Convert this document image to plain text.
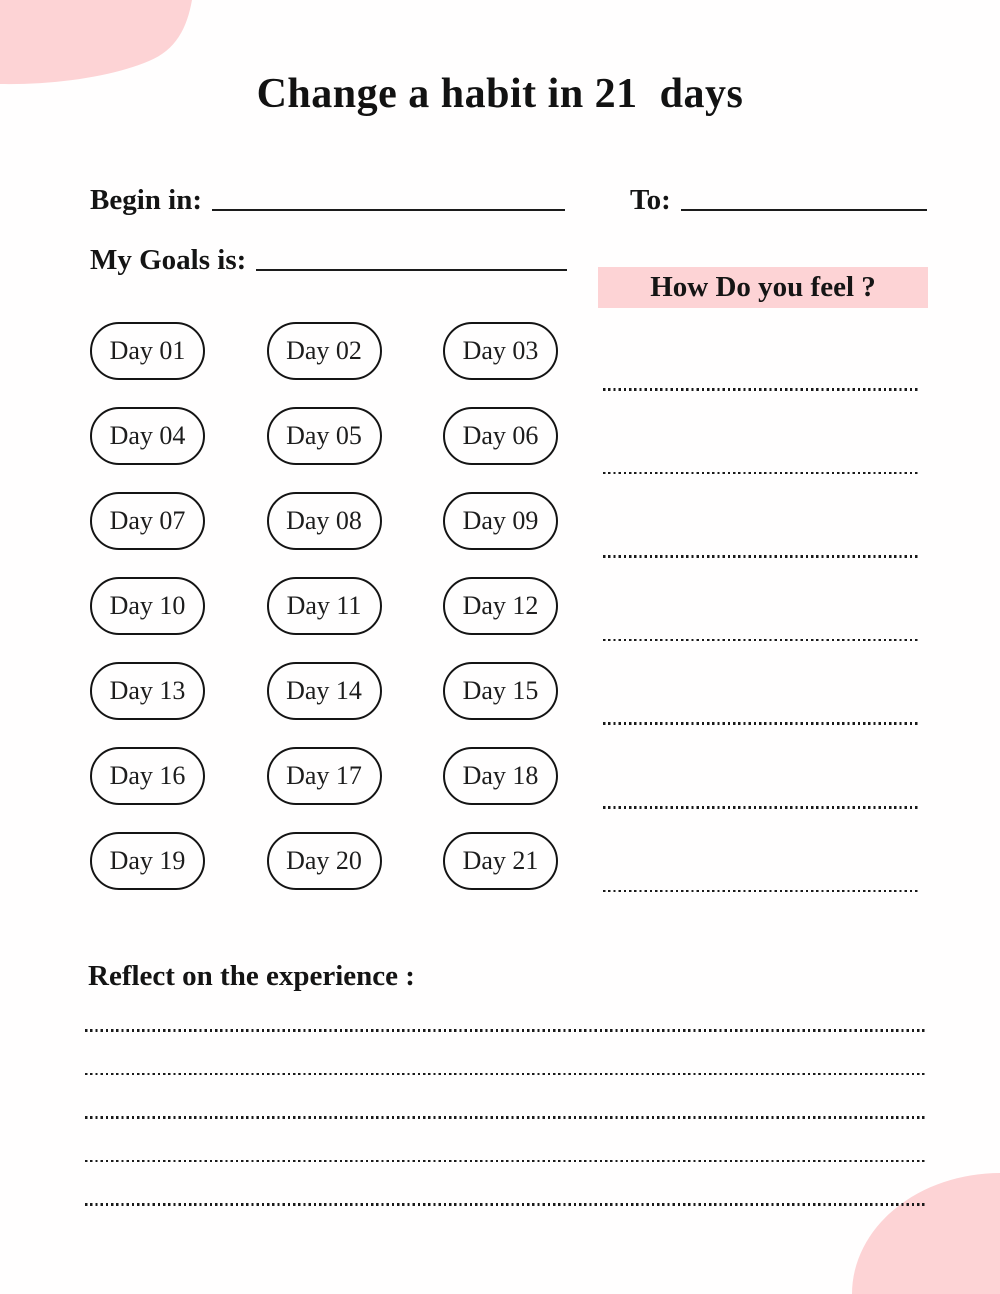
Change a habit in 21  days
Begin in:	To:
My Goals is:
How Do you feel ?
Day 01	Day 02	Day 03
Day 04	Day 05	Day 06
Day 07	Day 08	Day 09
Day 10	Day 11	Day 12
Day 13	Day 14	Day 15
Day 16	Day 17	Day 18
Day 19	Day 20	Day 21
Reflect on the experience :
